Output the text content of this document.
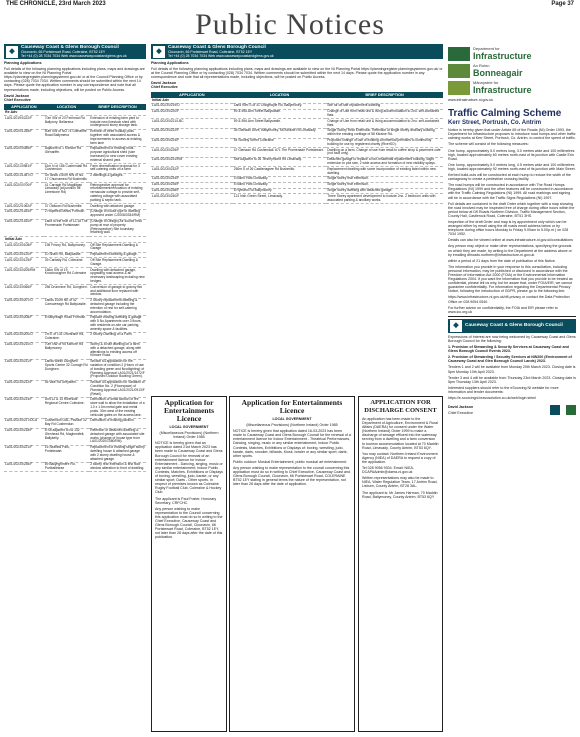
THE CHRONICLE, 23rd March 2023	Page 37
Public Notices
◆	Causeway Coast & Glens Borough Council
Cloonavin, 66 Portstewart Road, Coleraine, BT52 1EY
Tel +44 (0) 28 7034 7034 Web www.causewaycoastandglens.gov.uk
Planning Applications
Full details of the following planning applications including plans, maps and drawings are available to view on the NI Planning Portal https://planningregister.planningsystemni.gov.uk/ or at the Council Planning Office or by contacting (028) 7034 7034. Written comments should be submitted within the next 14 days. Please quote the application number in any correspondence and note that all representations made, including objections, will be posted on Public Access.
David Jackson
Chief Executive
APPLICATION	LOCATION	BRIEF DESCRIPTION
Re Adv		
LA01/2019/0222/F	70m SW of 23 Fenhead Rd Ballyrory, Bellarena.	Extension of existing farm yard to include new livestock shed with underground slurry storage tank.
LA01/2020/1255/F	50m SW of NO 74 Glenariffe Road Ballymena	Erection of three holiday pods together with associated access & improvements to access at existing farm lane
LA01/2020/0085/F	Adjacent to 1 Kilmore Rd Glenariffe.	Replacement of existing multi-purpose agricultural shed (size increased) to new cover existing external shared yard.
LA01/2021/0981/F	61m N of 186 Cushendall Rd Cushendun	Farm diversification proposal for 3 self-catering units on a farm
LA01/2021/1467/O	On lands c.50m NW of No. 17 Churnamea Rd Bushmills	2 dwellings & garages.
LA01/2020/0700/F	41 Carragh Rd Magilligan Limavady (at junction off Limestone Rd)	Retrospective approval for refurbishment/renovation of existing vernacular cottage to provide self-catering cottage with associated parking & septic tank.
LA01/2022/1062/F	37 Oldtown Rd Bushmills	Dwelling with attached garage.
LA01/2022/1184/F	2 Hopefield Mews Portrush	(Change of house type to dwelling approved under C/2008/0334/RM)
LA01/2022/1510/F	Land to the rear of 12-18 The Promenade Portstewart	(Change of Design) Air source heat pump at rear of property (Retrospective) Site boundary retaining wall.
Initial Adv		
LA01/2023/0108/F	195 Finvoy Rd, Ballymoney.	Off Site Replacement Dwelling & Garage
LA01/2023/0120/F	10 Shanl Rd, Ballycastle.	Replacement dwelling & garage.
LA01/2023/0125/F	39 Carbally Rd, Coleraine.	Off Site Replacement Dwelling & Garage.
LA01/2023/0205/RM	156m SW of 19 Knocknougher Rd Coleraine	Dwelling with detached garage, upgrading road access & all necessary landscaping including new hedges.
LA01/2023/0066/F	256 Drumrane Rd, Dungiven.	Conversion of garage to granny flat and additional floor replaced with window.
LA01/2023/0207/O	Lands 100m NE of 52 Carrowreagh Rd Ballycastle.	2 Storey replacement dwelling & detached garage including the retention of rest for self-catering accomodation.
LA01/2023/0208/F	8 Bellyreagh Road Portrush.	Replace existing dwelling & garage with 5 No Apartments over 3 floors, with residents on-site car parking, amenity space & facilities.
LA01/2023/0200/O	7m E of 131 Drumrane Rd, Coleraine.	2 Storey Dwelling on a Farm
LA01/2023/0210/O	70m NW of 95 Kilmore Rd Ballymoney	Storey & a half dwelling on a farm with a detached garage, along with alterations to existing access off Kilmore Road.
LA01/2023/0211/F	Lands within Dungiven Sports Centre 32 Curragh Rd Dungiven.	Section 64 application for the variation of condition 2 (Hours of use of bowling green and floodlighting) of Planning Approval LA01/2021/1472/F (Proposed Outdoor Bowling Green).
LA01/2023/0212/F	46 Vale Rd Greysteel.	Section 54 application for Variation of Condition No. 2 (Floorspace) of Planning Approval LA01/2021/0913/F (Retail).
LA01/2023/0214/F	Unit 12 & 13 Riverside Regional Centre Coleraine.	Demolition of small section of fire store wall to allow the installation of a 1.0 x 1.5m metal gate and metal posts. 30m west of the existing vehicular gates on the access lane.
LA01/2023/0217/DCA	Cushendun GAC Pavilion 32 Bay Rd Cushendun.	Demolition of existing pavilion.
LA01/2023/0218/F	8 Sb adjacent to no 132 Glenhead Rd, Magherafelt, Ballykelly.	Retention of detached dwelling & detached garage with associated site works (change of house type from LA01/2020/1080/RM).
LA01/2023/0221/F	16 Seafield Park, Portstewart.	Replacement of existing single storey dwelling house & attached garage with 2 storey dwelling house & attached garage.
LA01/2023/0236/F	69 Ballyrighmere Rd, Portballintrae	2 storey rear extension & first floor window alteration to front of dwelling.
◆	Causeway Coast & Glens Borough Council
Cloonavin, 66 Portstewart Road, Coleraine, BT52 1EY
Tel +44 (0) 28 7034 7034 Web www.causewaycoastandglens.gov.uk
Planning Applications
Full details of the following planning applications including plans, maps and drawings are available to view on the NI Planning Portal https://planningregister.planningsystemni.gov.uk/ or at the Council Planning Office or by contacting (028) 7034 7034. Written comments should be submitted within the next 14 days. Please quote the application number in any correspondence and note that all representations made, including objections, will be posted on Public Access.
David Jackson
Chief Executive
APPLICATION	LOCATION	BRIEF DESCRIPTION
Initial Adv		
LA01/2023/0219/O	Land 90m S of 31 Craigmoyle Rd, Ballymoney.	Site for off-site replacement dwelling
LA01/2023/0220/F	59 & 59A Ann Street Ballycastle.	Change of Use from retail unit & living accommodation to 2no. self-contained flats.
LA01/2023/0221/LBC	59 & 59A Ann Street Ballycastle.	Change of Use from retail unit & living accommodation to 2no. self-contained flats.
LA01/2023/0222/F	36 Glenaan Drive, Ballymoney. 58 Kilraine Rd Limavady	Single Storey Rear Extension. Retention of single storey ancillary building within the existing curtilage of 58 Kilraine Rd.
LA01/2023/0224/F	54 Society Street Coleraine	Proposed change of use of existing commercial premises to community building for use by registered charity (RiverSO).
LA01/2023/0225/F	47 Glenaan Rd Cushendall. 67L The Promenade Portstewart.	Dwelling on a farm. Change of use from retail to coffee shop & pavement cafe (not food only).
LA01/2023/0231/RM	Site Adjacent to 26 Tenneymond Rd Limavady.	Detached garage to replace a non-residential replacement building, slight extension to plot size, 2 wide access and formation of new visibility splays.
LA01/2023/0232/F	250m S of 26 Castlenagree Rd Bushmills.	Replacement dwelling with some incorporation of existing listed within new dwelling.
LA01/2023/0234/F	4 Boleo Park Limavady	Single storey rear extension.
LA01/2023/0235/F	5 Boleo Park Limavady	Single storey rear extension.
LA01/2023/0238/F	8 Ryeland Rd Ballymoney	Single storey dwelling with detached garage.
LA01/2023/0240/F	121 Irish Green Street, Limavady.	Three Storey apartment development to include 2no. 2 bedroom units with associated parking & ancillary works.
Application for Entertainments Licence
LOCAL GOVERNMENT
(Miscellaneous Provisions) (Northern Ireland) Order 1985
NOTICE is hereby given that an application dated 21st March 2023 has been made to Causeway Coast and Glens Borough Council for renewal of an entertainment licence for Indoor Entertainment - Dancing, singing, music or any similar entertainment; Indoor Public Contests, Matches, Exhibitions or Displays of boxing, wrestling, judo, karate, or any similar sport; Darts - Other sports. In respect of premises known as Coleraine Rugby Football Club, Coleraine & Hockey Club.
The applicant is Paul Foster, Honorary Secretary, CRFCHC.
Any person wishing to make representation to the Council concerning this application must do so in writing to the Chief Executive, Causeway Coast and Glens Borough Council, Cloonavin, 66 Portstewart Road, Coleraine, BT52 1EY, not later than 28 days after the date of this publication.
Application for Entertainments Licence
LOCAL GOVERNMENT
(Miscellaneous Provisions) (Northern Ireland) Order 1985
NOTICE is hereby given that application dated 16-03-2023 has been made to Causeway Coast and Glens Borough Council for the renewal of a entertainment licence for Indoor Entertainment - Theatrical Performances, Dancing, singing, music or any similar entertainment, Indoor Public Contests, Matches, Exhibitions or Displays of: boxing, wrestling, judo, karate, darts, snooker, billiards, Kiosk, bowler or any similar sport; darts; other sports.
Public outdoor: Musical Entertainment, public musical art entertainment.
Any person wishing to make representation to the council concerning this application must do so in writing to Chief Executive, Causeway Coast and Glens Borough Council, Cloonavin, 66 Portstewart Road, COLERAINE BT52 1EY stating in general terms the nature of the representation, not later than 28 days after the date of application.
APPLICATION FOR DISCHARGE CONSENT
An application has been made to the Department of Agriculture, Environment & Rural Affairs (DAERA) for consent under the Water (Northern Ireland) Order 1999 to make a discharge of sewage effluent into the waterway serving from a dwelling and a farm conversion to tourism accommodation located at 70 Maddin Road, Limavady, County Antrim, BT53 6QY.
You may contact: Northern Ireland Environment Agency (NIEA) of DAERA to request a copy of the application.
Tel 028 9056 9304. Email: NIEA-DCAPAAdmin@daera-ni.gov.uk
Written representations may also be made to NIEA, Water Regulation Team, 17 Antrim Road, Lisburn, County Antrim, BT28 3AL.
The applicant is: Mr James Harman, 70 Maddin Road, Ballymoney, County Antrim, BT53 6QY
Department for
Infrastructure
An Roinn
Bonneagair
Männystrie fur
Infrastructure
www.infrastructure-ni.gov.uk
Traffic Calming Scheme
Kerr Street, Portrush, Co. Antrim
Notice is hereby given that under Article 65 of the Roads (NI) Order 1993, the Department for Infrastructure proposes to introduce road humps and other traffic calming works at Kerr Street, Portrush, Co. Antrim, to control the speed of traffic.
The scheme will consist of the following measures:
One hump, approximately 5.0 metres long, 3.0 metres wide and 100 millimetres high, located approximately 60 metres north-east of its junction with Castle Erin Road.
One hump, approximately 5.0 metres long, 4.5 metres wide and 100 millimetres high, located approximately 92 metres north-east of its junction with Main Street.
Kerbed build-outs will be constructed at each hump to reduce the width of the carriageway to create a pedestrian crossing facility.
The road humps will be constructed in accordance with The Road Humps Regulations (NI) 1999 and the other features will be constructed in accordance with the Traffic Calming Regulations (NI) 1999. All road markings and signing will be in accordance with the Traffic Signs Regulations (NI) 1997.
Full details are contained in the draft Order which together with a map showing the road involved may be inspected free of charge during office hours within the period below at DfI Roads Northern Division, Traffic Management Section, County Hall, Castlerock Road, Coleraine, BT51 3HS.
Inspection of the draft Order and map is by appointment only which can be arranged either by email using the dfi roads email address below or by telephone during office hours Monday to Friday 9.00am to 5.00p.m.) on 028 7034 1952.
Details can also be viewed online at www.infrastructure-ni.gov.uk/consultations
Any person may object or make other representations, specifying the grounds on which they are made, by writing to the Department at the address above or by emailing dfiroads.northern@infrastructure-ni.gov.uk
within a period of 21 days from the date of publication of this Notice.
The information you provide in your response to this consultation, including personal information, may be published or disclosed in accordance with the Freedom of Information Act 2000 (FOIA) or the Environmental Information Regulations 2004. If you want the information that you provide to be treated as confidential, please tell us why, but be aware that, under FOIA/EIR, we cannot guarantee confidentiality. For information regarding the Departmental Privacy Notice, following the introduction of GDPR, please go to the following link:
https://www.infrastructure-ni.gov.uk/dfi-privacy or contact the Data Protection Office on 028 9054 0540.
For further advice on confidentiality, the FOIA and EIR please refer to www.ico.org.uk
◆	Causeway Coast & Glens Borough Council
Expressions of Interest are now being welcomed by Causeway Coast and Glens Borough Council for the following:
1. Provision of Stewarding & Security Services at Causeway Coast and Glens Borough Council Events 2023.
2. Provision of Stewarding / Security Services at NW200 (Environment of Causeway Coast and Glen Borough Council Lands) 2023.
Tenders 1 and 2 will be available from Monday 20th March 2023. Closing date is 5pm Monday 10th April 2023.
Tender 3 and 4 will be available from Thursday 23rd March 2023. Closing date is 5pm Thursday 13th April 2023.
Interested suppliers should refer to the eSourcing NI website for more information and tender documents:
https://e-sourcingni.bravosolution.co.uk/web/login.shtml
David Jackson
Chief Executive
